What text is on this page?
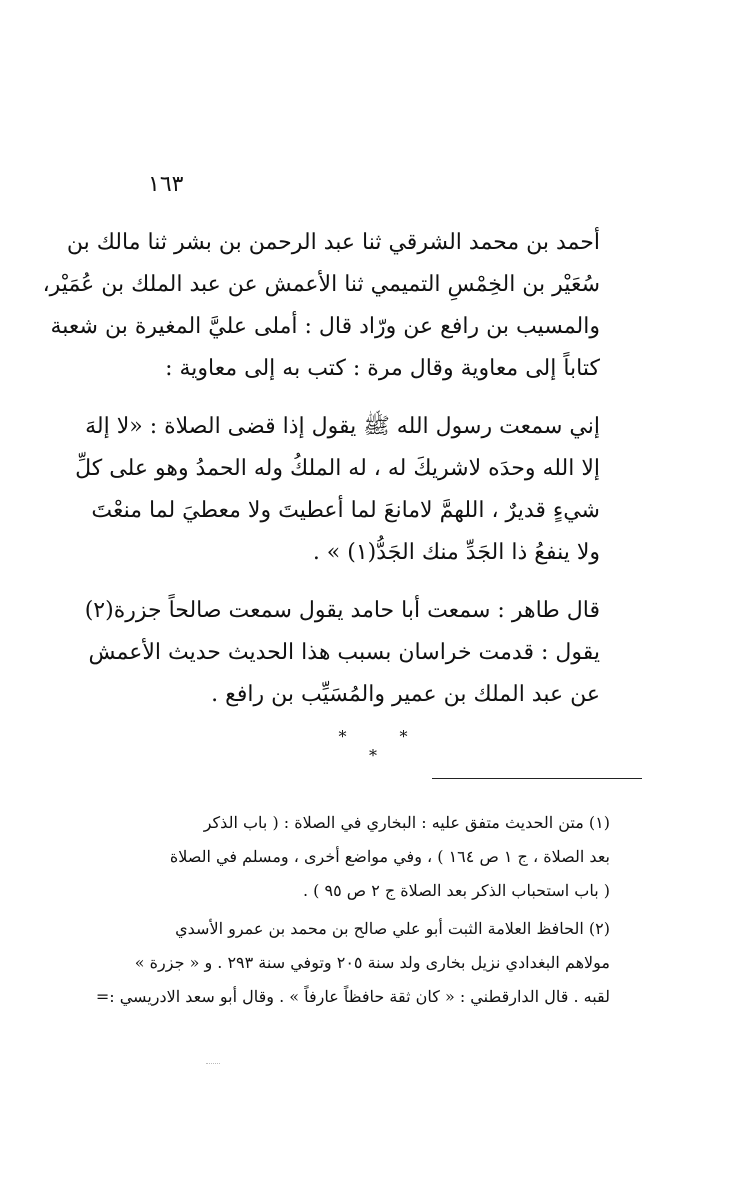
١٦٣
أحمد بن محمد الشرقي ثنا عبد الرحمن بن بشر ثنا مالك بن
سُعَيْر بن الخِمْسِ التميمي ثنا الأعمش عن عبد الملك بن عُمَيْر،
والمسيب بن رافع عن ورّاد قال : أملى عليَّ المغيرة بن شعبة
كتاباً إلى معاوية وقال مرة : كتب به إلى معاوية :
إني سمعت رسول الله ﷺ يقول إذا قضى الصلاة : «لا إلهَ
إلا الله وحدَه لاشريكَ له ، له الملكُ وله الحمدُ وهو على كلِّ
شيءٍ قديرٌ ، اللهمَّ لامانعَ لما أعطيتَ ولا معطيَ لما منعْتَ
ولا ينفعُ ذا الجَدِّ منك الجَدُّ(١) » .
قال طاهر : سمعت أبا حامد يقول سمعت صالحاً جزرة(٢)
يقول : قدمت خراسان بسبب هذا الحديث حديث الأعمش
عن عبد الملك بن عمير والمُسَيِّب بن رافع .
* * *
(١) متن الحديث متفق عليه : البخاري في الصلاة : ( باب الذكر
بعد الصلاة ، ج ١ ص ١٦٤ ) ، وفي مواضع أخرى ، ومسلم في الصلاة
( باب استحباب الذكر بعد الصلاة ج ٢ ص ٩٥ ) .
(٢) الحافظ العلامة الثبت أبو علي صالح بن محمد بن عمرو الأسدي
مولاهم البغدادي نزيل بخارى ولد سنة ٢٠٥ وتوفي سنة ٢٩٣ . و « جزرة »
لقبه . قال الدارقطني : « كان ثقة حافظاً عارفاً » . وقال أبو سعد الادريسي :=
